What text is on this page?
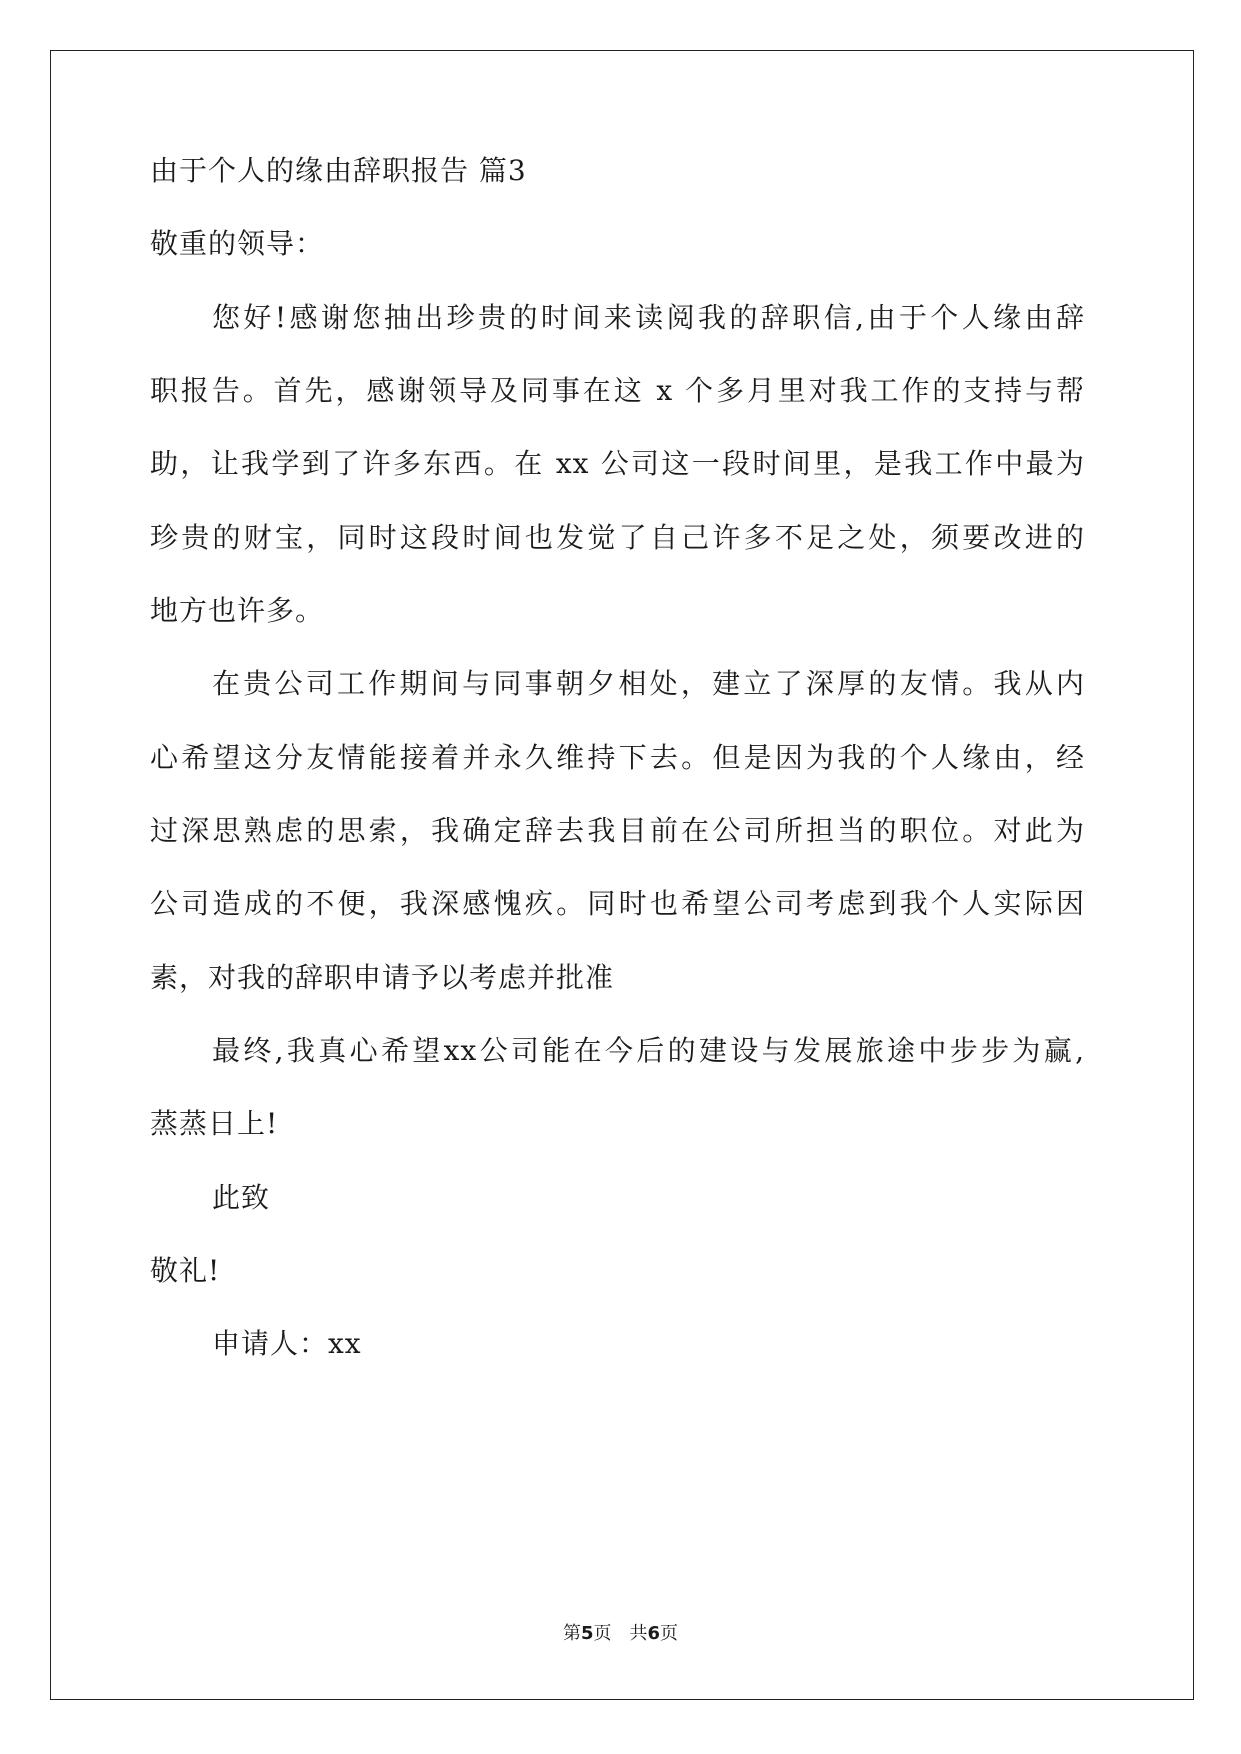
由于个人的缘由辞职报告 篇3
敬重的领导：
您好!感谢您抽出珍贵的时间来读阅我的辞职信,由于个人缘由辞
职报告。首先，感谢领导及同事在这 x 个多月里对我工作的支持与帮
助，让我学到了许多东西。在 xx 公司这一段时间里，是我工作中最为
珍贵的财宝，同时这段时间也发觉了自己许多不足之处，须要改进的
地方也许多。
在贵公司工作期间与同事朝夕相处，建立了深厚的友情。我从内
心希望这分友情能接着并永久维持下去。但是因为我的个人缘由，经
过深思熟虑的思索，我确定辞去我目前在公司所担当的职位。对此为
公司造成的不便，我深感愧疚。同时也希望公司考虑到我个人实际因
素，对我的辞职申请予以考虑并批准
最终,我真心希望xx公司能在今后的建设与发展旅途中步步为赢,
蒸蒸日上!
此致
敬礼!
申请人：xx
第5页　共6页
